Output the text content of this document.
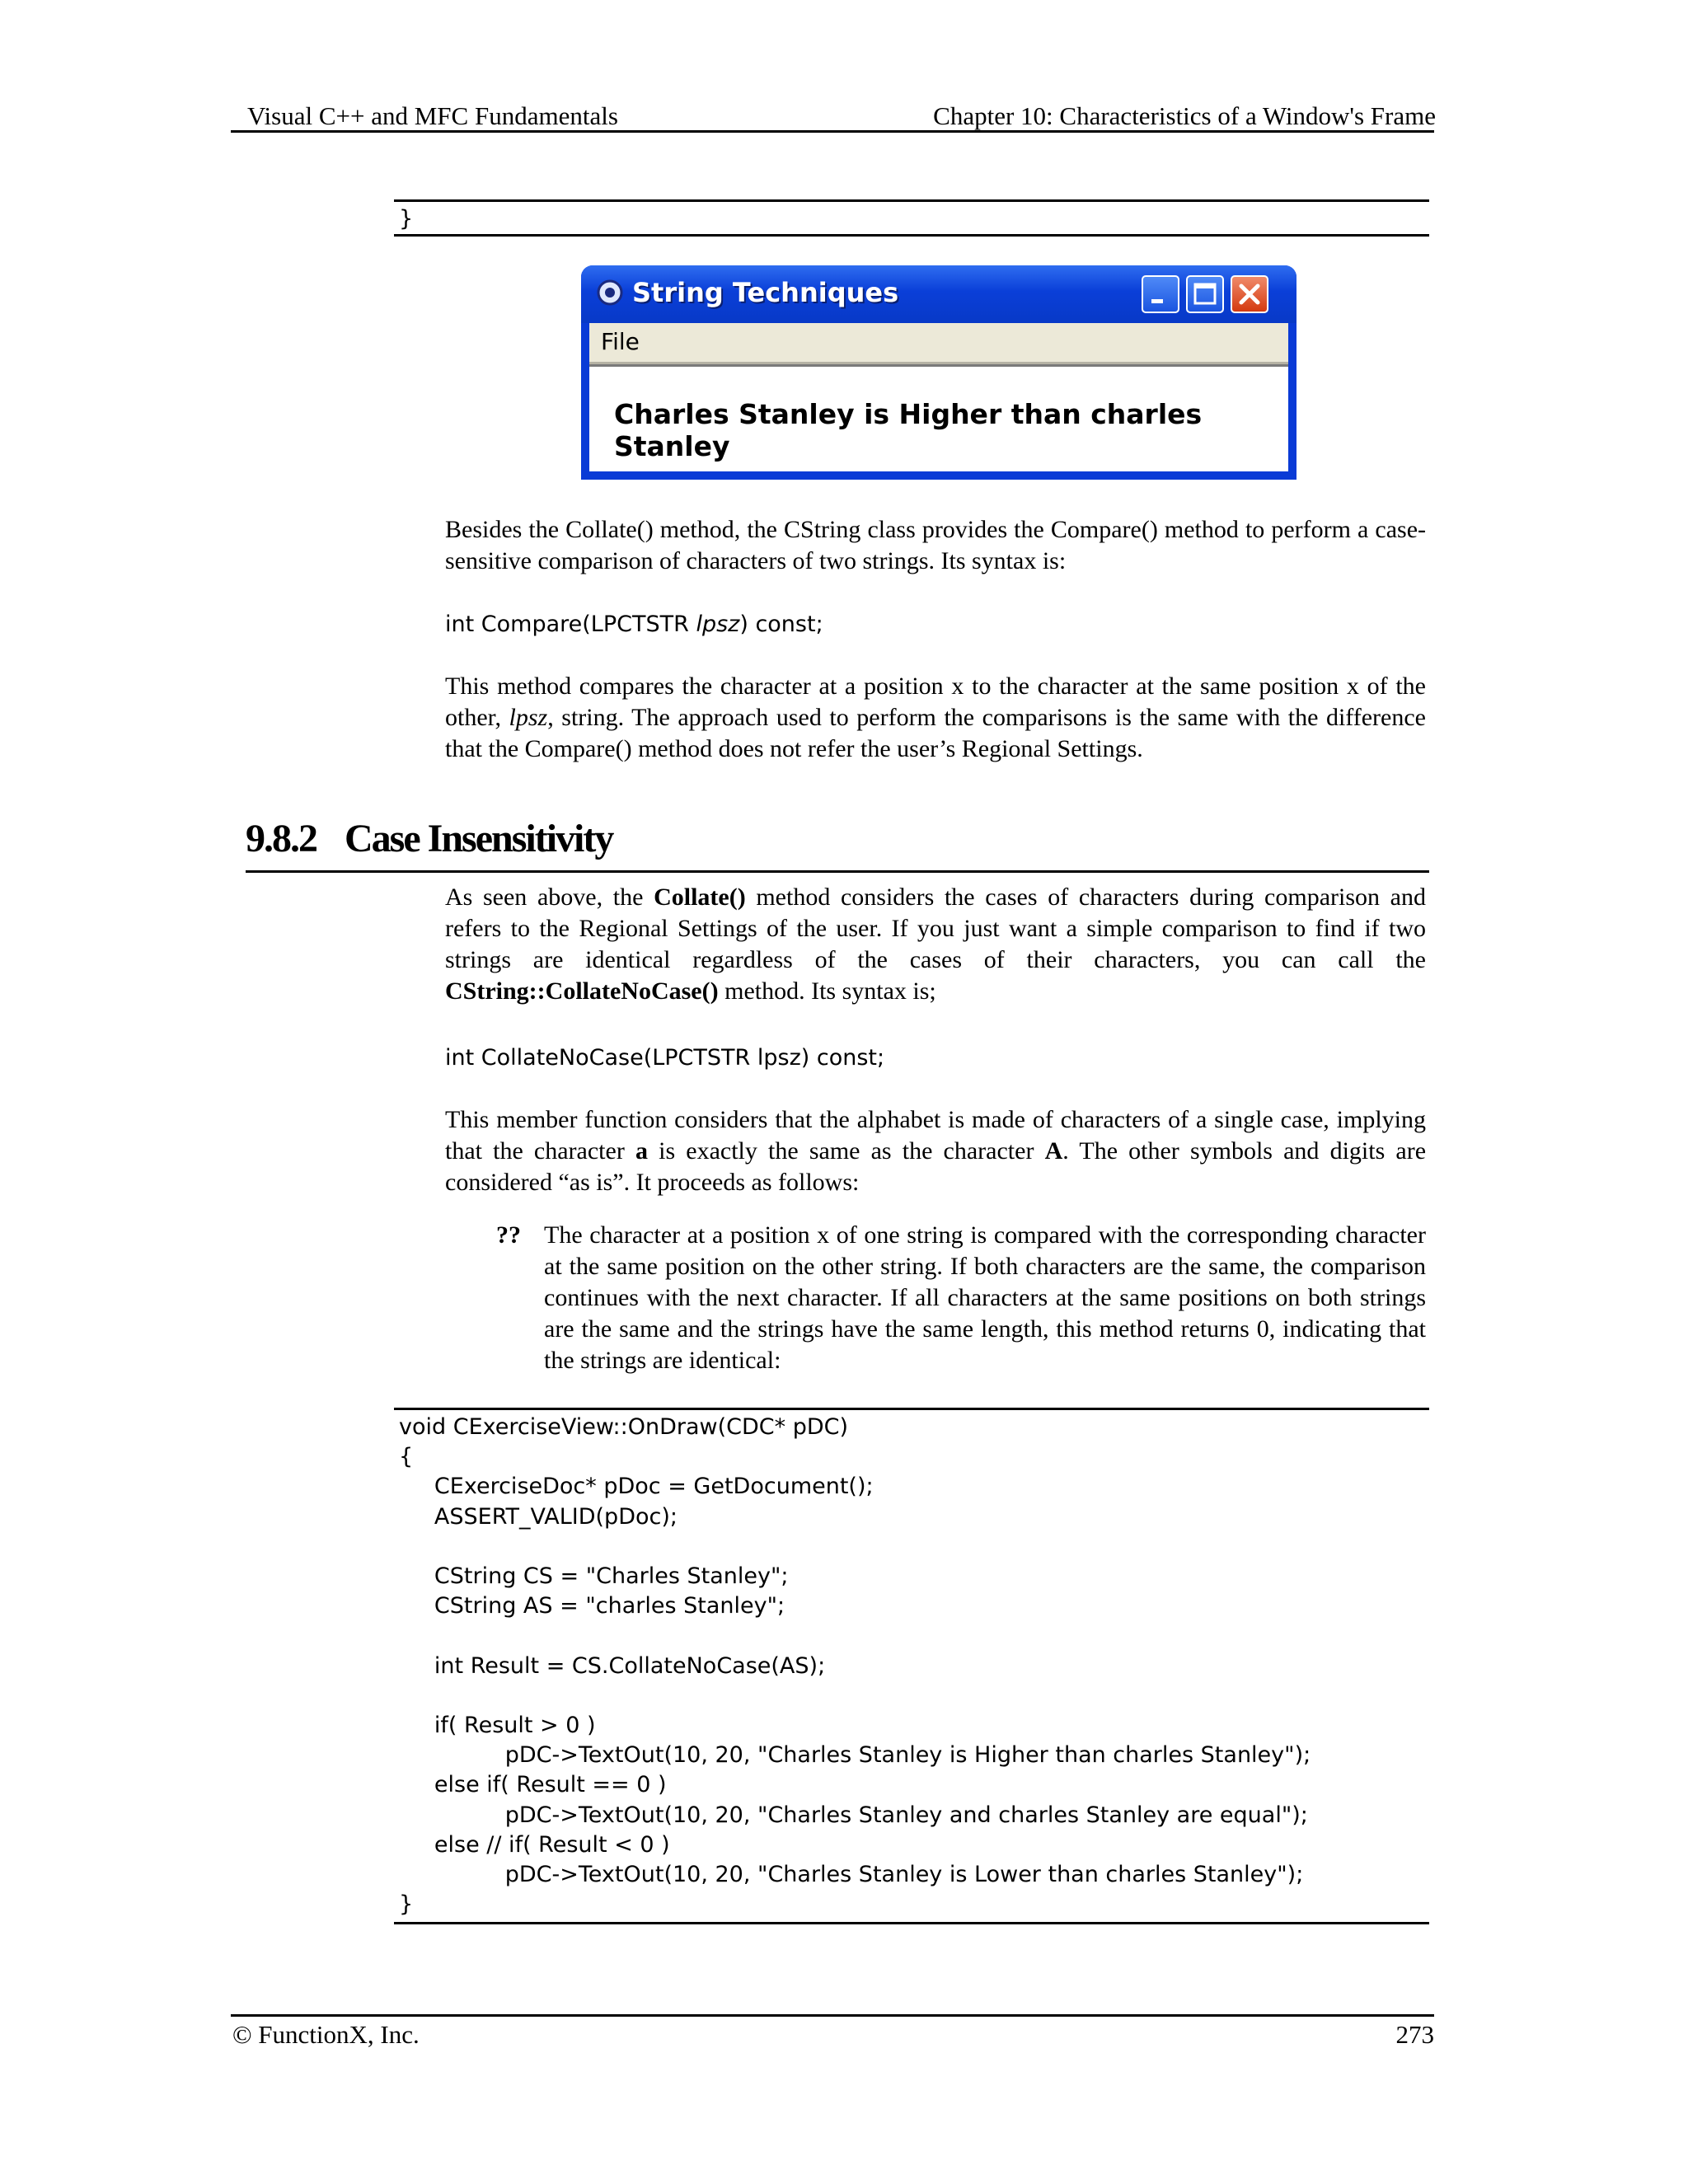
Visual C++ and MFC Fundamentals	Chapter 10: Characteristics of a Window's Frame
}
String Techniques
File
Charles Stanley is Higher than charles Stanley
Besides the Collate() method, the CString class provides the Compare() method to perform a case-sensitive comparison of characters of two strings. Its syntax is:
int Compare(LPCTSTR lpsz) const;
This method compares the character at a position x to the character at the same position x of the other, lpsz, string. The approach used to perform the comparisons is the same with the difference that the Compare() method does not refer the user’s Regional Settings.
9.8.2 Case Insensitivity
As seen above, the Collate() method considers the cases of characters during comparison and refers to the Regional Settings of the user. If you just want a simple comparison to find if two strings are identical regardless of the cases of their characters, you can call the CString::CollateNoCase() method. Its syntax is;
int CollateNoCase(LPCTSTR lpsz) const;
This member function considers that the alphabet is made of characters of a single case, implying that the character a is exactly the same as the character A. The other symbols and digits are considered “as is”. It proceeds as follows:
?? The character at a position x of one string is compared with the corresponding character at the same position on the other string. If both characters are the same, the comparison continues with the next character. If all characters at the same positions on both strings are the same and the strings have the same length, this method returns 0, indicating that the strings are identical:
void CExerciseView::OnDraw(CDC* pDC)
{
CExerciseDoc* pDoc = GetDocument();
ASSERT_VALID(pDoc);
CString CS = "Charles Stanley";
CString AS = "charles Stanley";
int Result = CS.CollateNoCase(AS);
if( Result > 0 )
pDC->TextOut(10, 20, "Charles Stanley is Higher than charles Stanley");
else if( Result == 0 )
pDC->TextOut(10, 20, "Charles Stanley and charles Stanley are equal");
else // if( Result < 0 )
pDC->TextOut(10, 20, "Charles Stanley is Lower than charles Stanley");
}
© FunctionX, Inc.	273
